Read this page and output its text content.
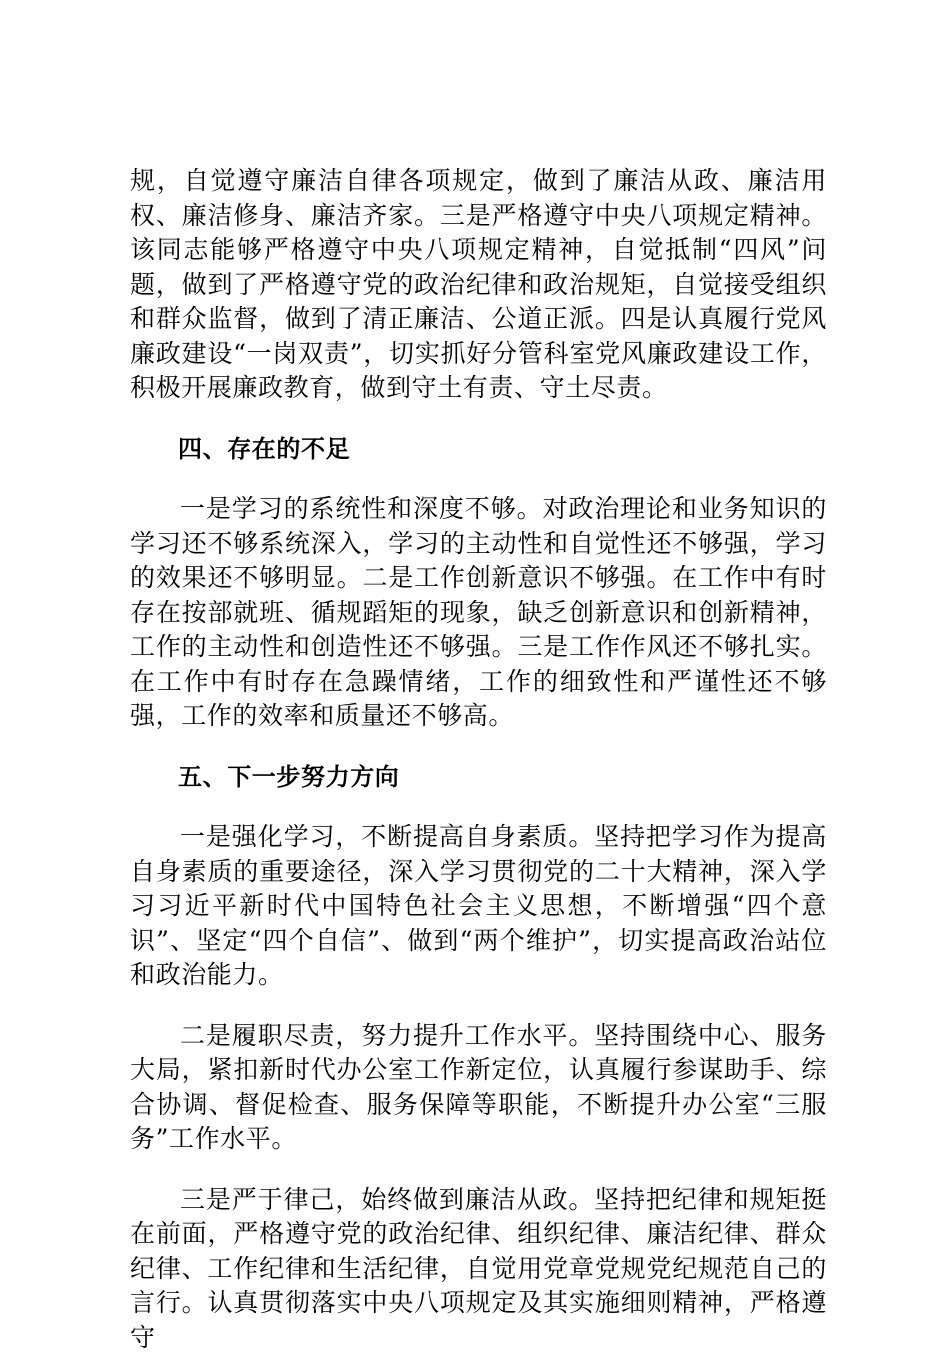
规，自觉遵守廉洁自律各项规定，做到了廉洁从政、廉洁用权、廉洁修身、廉洁齐家。三是严格遵守中央八项规定精神。该同志能够严格遵守中央八项规定精神，自觉抵制“四风”问题，做到了严格遵守党的政治纪律和政治规矩，自觉接受组织和群众监督，做到了清正廉洁、公道正派。四是认真履行党风廉政建设“一岗双责”，切实抓好分管科室党风廉政建设工作，积极开展廉政教育，做到守土有责、守土尽责。

四、存在的不足

一是学习的系统性和深度不够。对政治理论和业务知识的学习还不够系统深入，学习的主动性和自觉性还不够强，学习的效果还不够明显。二是工作创新意识不够强。在工作中有时存在按部就班、循规蹈矩的现象，缺乏创新意识和创新精神，工作的主动性和创造性还不够强。三是工作作风还不够扎实。在工作中有时存在急躁情绪，工作的细致性和严谨性还不够强，工作的效率和质量还不够高。

五、下一步努力方向

一是强化学习，不断提高自身素质。坚持把学习作为提高自身素质的重要途径，深入学习贯彻党的二十大精神，深入学习习近平新时代中国特色社会主义思想，不断增强“四个意识”、坚定“四个自信”、做到“两个维护”，切实提高政治站位和政治能力。

二是履职尽责，努力提升工作水平。坚持围绕中心、服务大局，紧扣新时代办公室工作新定位，认真履行参谋助手、综合协调、督促检查、服务保障等职能，不断提升办公室“三服务”工作水平。

三是严于律己，始终做到廉洁从政。坚持把纪律和规矩挺在前面，严格遵守党的政治纪律、组织纪律、廉洁纪律、群众纪律、工作纪律和生活纪律，自觉用党章党规党纪规范自己的言行。认真贯彻落实中央八项规定及其实施细则精神，严格遵守
